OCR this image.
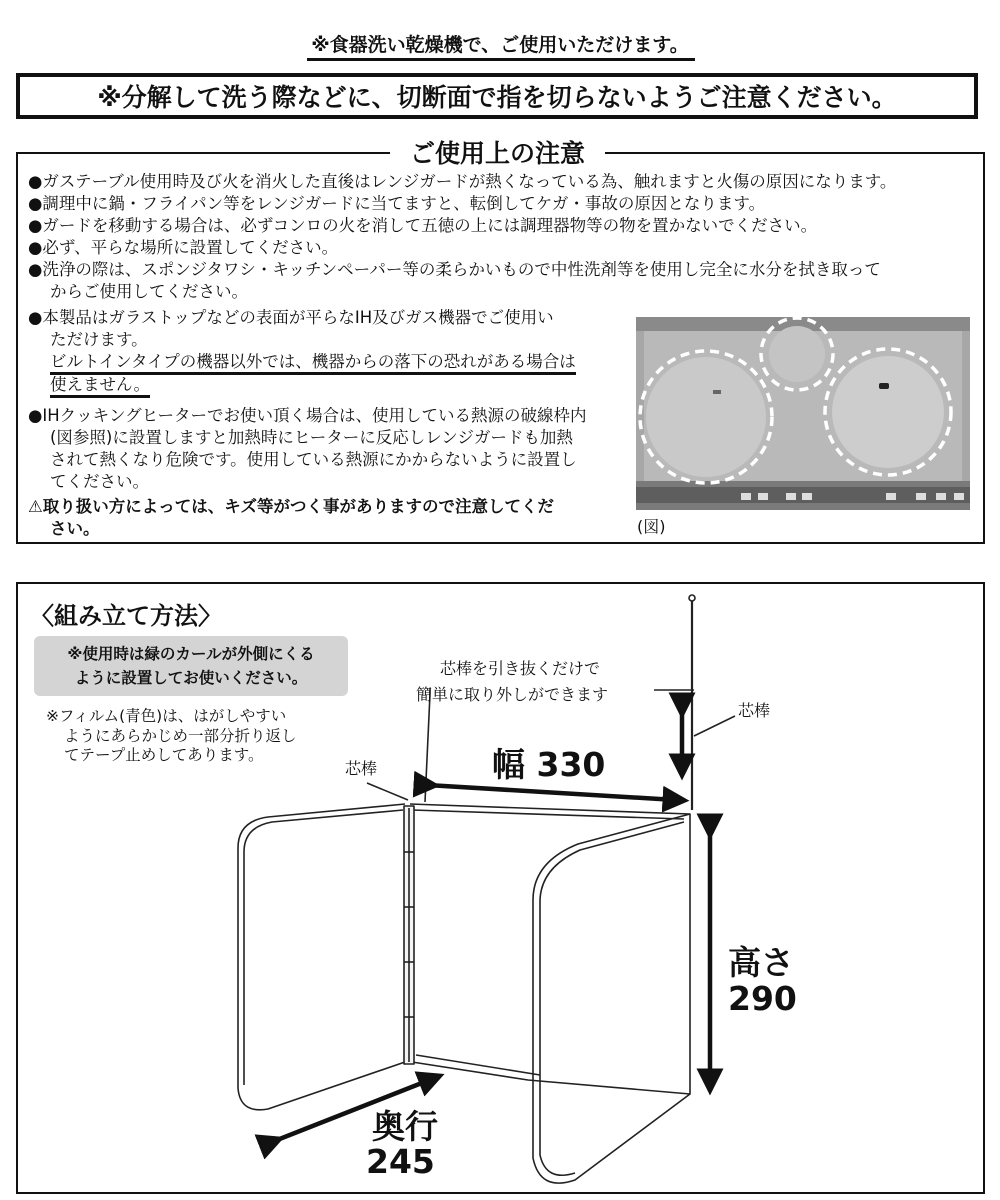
※食器洗い乾燥機で、ご使用いただけます。
※分解して洗う際などに、切断面で指を切らないようご注意ください。
ご使用上の注意
●ガステーブル使用時及び火を消火した直後はレンジガードが熱くなっている為、触れますと火傷の原因になります。
●調理中に鍋・フライパン等をレンジガードに当てますと、転倒してケガ・事故の原因となります。
●ガードを移動する場合は、必ずコンロの火を消して五徳の上には調理器物等の物を置かないでください。
●必ず、平らな場所に設置してください。
●洗浄の際は、スポンジタワシ・キッチンペーパー等の柔らかいもので中性洗剤等を使用し完全に水分を拭き取って
からご使用してください。
●本製品はガラストップなどの表面が平らなIH及びガス機器でご使用い
ただけます。
ビルトインタイプの機器以外では、機器からの落下の恐れがある場合は
使えません。
●IHクッキングヒーターでお使い頂く場合は、使用している熱源の破線枠内
(図参照)に設置しますと加熱時にヒーターに反応しレンジガードも加熱
されて熱くなり危険です。使用している熱源にかからないように設置し
てください。
⚠取り扱い方によっては、キズ等がつく事がありますので注意してくだ
さい。	(図)
〈組み立て方法〉
※使用時は緑のカールが外側にくる
ように設置してお使いください。
※フィルム(青色)は、はがしやすい
ようにあらかじめ一部分折り返し
てテープ止めしてあります。
芯棒を引き抜くだけで
簡単に取り外しができます
芯棒
芯棒	幅 330
高さ
290
奥行
245
